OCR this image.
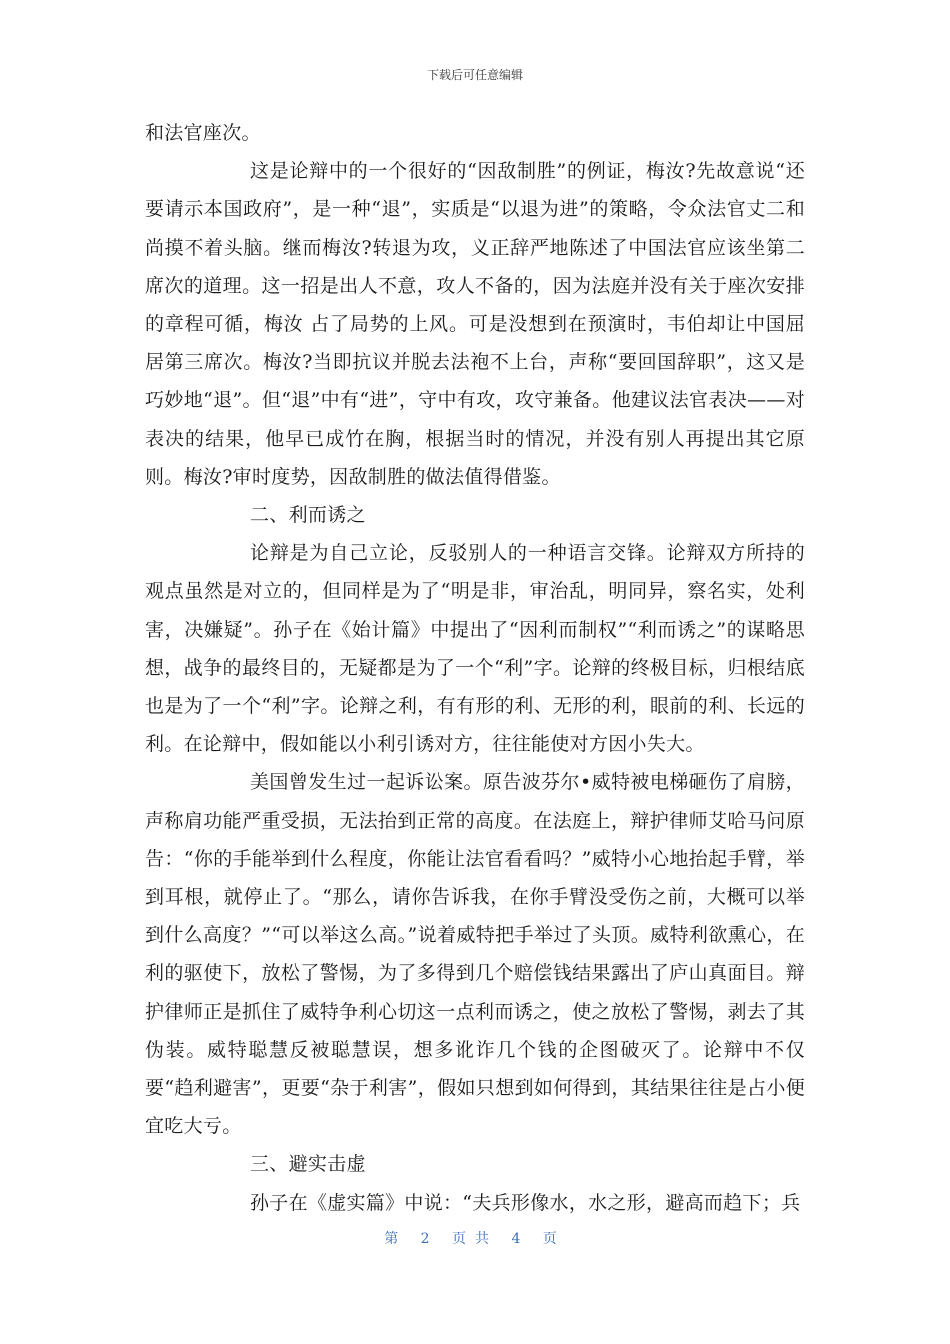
下载后可任意编辑

和法官座次。

这是论辩中的一个很好的“因敌制胜”的例证，梅汝?先故意说“还要请示本国政府”，是一种“退”，实质是“以退为进”的策略，令众法官丈二和尚摸不着头脑。继而梅汝?转退为攻，义正辞严地陈述了中国法官应该坐第二席次的道理。这一招是出人不意，攻人不备的，因为法庭并没有关于座次安排的章程可循，梅汝 占了局势的上风。可是没想到在预演时，韦伯却让中国屈居第三席次。梅汝?当即抗议并脱去法袍不上台，声称“要回国辞职”，这又是巧妙地“退”。但“退”中有“进”，守中有攻，攻守兼备。他建议法官表决——对表决的结果，他早已成竹在胸，根据当时的情况，并没有别人再提出其它原则。梅汝?审时度势，因敌制胜的做法值得借鉴。

二、利而诱之

论辩是为自己立论，反驳别人的一种语言交锋。论辩双方所持的观点虽然是对立的，但同样是为了“明是非，审治乱，明同异，察名实，处利害，决嫌疑”。孙子在《始计篇》中提出了“因利而制权”“利而诱之”的谋略思想，战争的最终目的，无疑都是为了一个“利”字。论辩的终极目标，归根结底也是为了一个“利”字。论辩之利，有有形的利、无形的利，眼前的利、长远的利。在论辩中，假如能以小利引诱对方，往往能使对方因小失大。

美国曾发生过一起诉讼案。原告波芬尔•威特被电梯砸伤了肩膀，声称肩功能严重受损，无法抬到正常的高度。在法庭上，辩护律师艾哈马问原告：“你的手能举到什么程度，你能让法官看看吗？”威特小心地抬起手臂，举到耳根，就停止了。“那么，请你告诉我，在你手臂没受伤之前，大概可以举到什么高度？”“可以举这么高。”说着威特把手举过了头顶。威特利欲熏心，在利的驱使下，放松了警惕，为了多得到几个赔偿钱结果露出了庐山真面目。辩护律师正是抓住了威特争利心切这一点利而诱之，使之放松了警惕，剥去了其伪装。威特聪慧反被聪慧误，想多讹诈几个钱的企图破灭了。论辩中不仅要“趋利避害”，更要“杂于利害”，假如只想到如何得到，其结果往往是占小便宜吃大亏。

三、避实击虚

孙子在《虚实篇》中说：“夫兵形像水，水之形，避高而趋下；兵

第 2 页共 4 页
